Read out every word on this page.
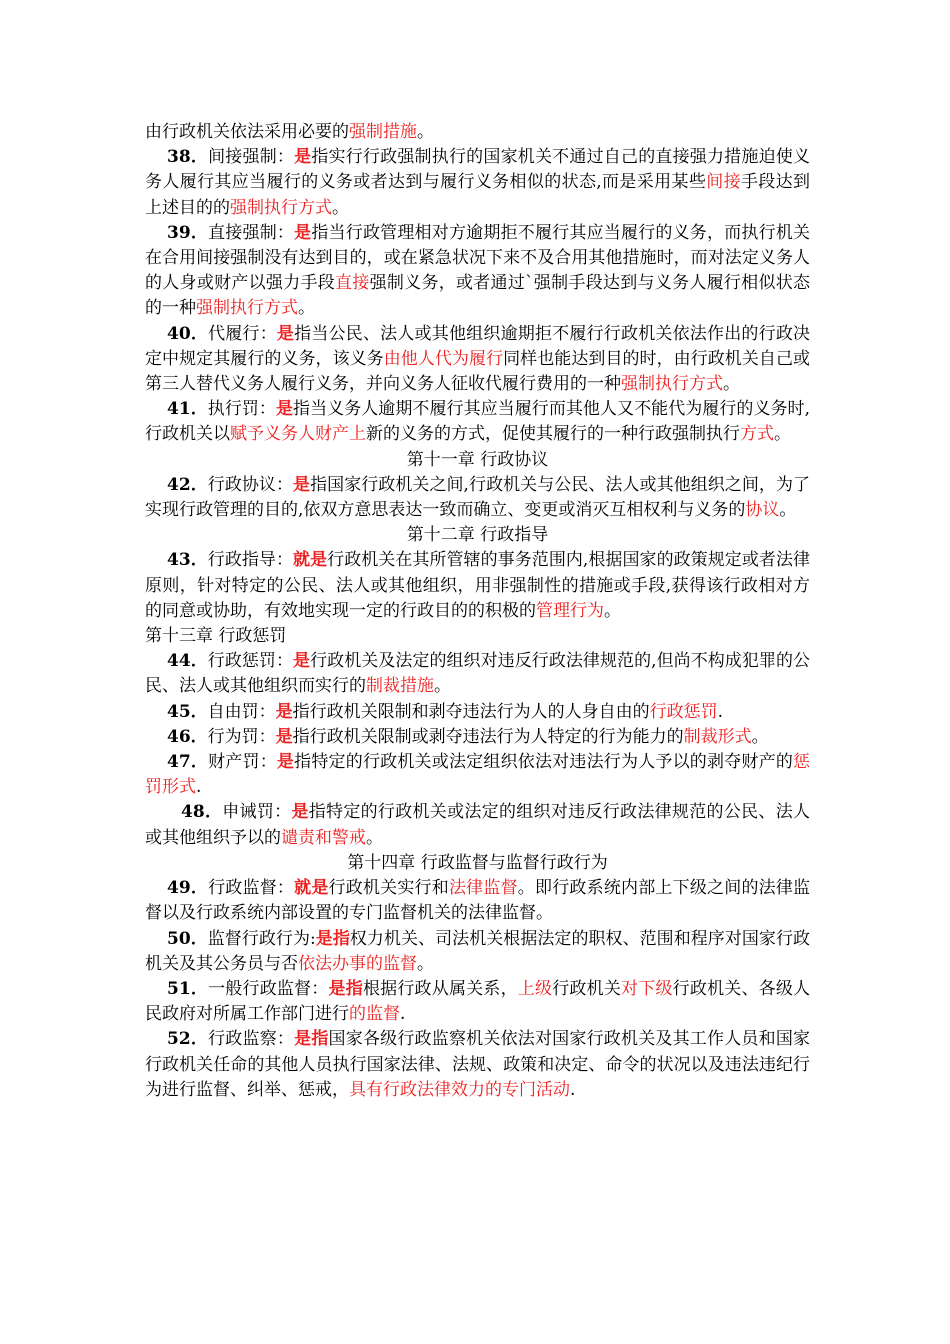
由行政机关依法采用必要的强制措施。

38．间接强制：是指实行行政强制执行的国家机关不通过自己的直接强力措施迫使义务人履行其应当履行的义务或者达到与履行义务相似的状态,而是采用某些间接手段达到上述目的的强制执行方式。

39．直接强制：是指当行政管理相对方逾期拒不履行其应当履行的义务，而执行机关在合用间接强制没有达到目的，或在紧急状况下来不及合用其他措施时，而对法定义务人的人身或财产以强力手段直接强制义务，或者通过`强制手段达到与义务人履行相似状态的一种强制执行方式。

40．代履行：是指当公民、法人或其他组织逾期拒不履行行政机关依法作出的行政决定中规定其履行的义务，该义务由他人代为履行同样也能达到目的时，由行政机关自己或第三人替代义务人履行义务，并向义务人征收代履行费用的一种强制执行方式。

41．执行罚：是指当义务人逾期不履行其应当履行而其他人又不能代为履行的义务时,行政机关以赋予义务人财产上新的义务的方式，促使其履行的一种行政强制执行方式。

第十一章 行政协议

42．行政协议：是指国家行政机关之间,行政机关与公民、法人或其他组织之间，为了实现行政管理的目的,依双方意思表达一致而确立、变更或消灭互相权利与义务的协议。

第十二章 行政指导

43．行政指导：就是行政机关在其所管辖的事务范围内,根据国家的政策规定或者法律原则，针对特定的公民、法人或其他组织，用非强制性的措施或手段,获得该行政相对方的同意或协助，有效地实现一定的行政目的的积极的管理行为。

第十三章 行政惩罚

44．行政惩罚：是行政机关及法定的组织对违反行政法律规范的,但尚不构成犯罪的公民、法人或其他组织而实行的制裁措施。

45．自由罚：是指行政机关限制和剥夺违法行为人的人身自由的行政惩罚.

46．行为罚：是指行政机关限制或剥夺违法行为人特定的行为能力的制裁形式。

47．财产罚：是指特定的行政机关或法定组织依法对违法行为人予以的剥夺财产的惩罚形式.

48．申诫罚：是指特定的行政机关或法定的组织对违反行政法律规范的公民、法人或其他组织予以的谴责和警戒。

第十四章 行政监督与监督行政行为

49．行政监督：就是行政机关实行和法律监督。即行政系统内部上下级之间的法律监督以及行政系统内部设置的专门监督机关的法律监督。

50．监督行政行为:是指权力机关、司法机关根据法定的职权、范围和程序对国家行政机关及其公务员与否依法办事的监督。

51．一般行政监督：是指根据行政从属关系，上级行政机关对下级行政机关、各级人民政府对所属工作部门进行的监督.

52．行政监察：是指国家各级行政监察机关依法对国家行政机关及其工作人员和国家行政机关任命的其他人员执行国家法律、法规、政策和决定、命令的状况以及违法违纪行为进行监督、纠举、惩戒，具有行政法律效力的专门活动.
